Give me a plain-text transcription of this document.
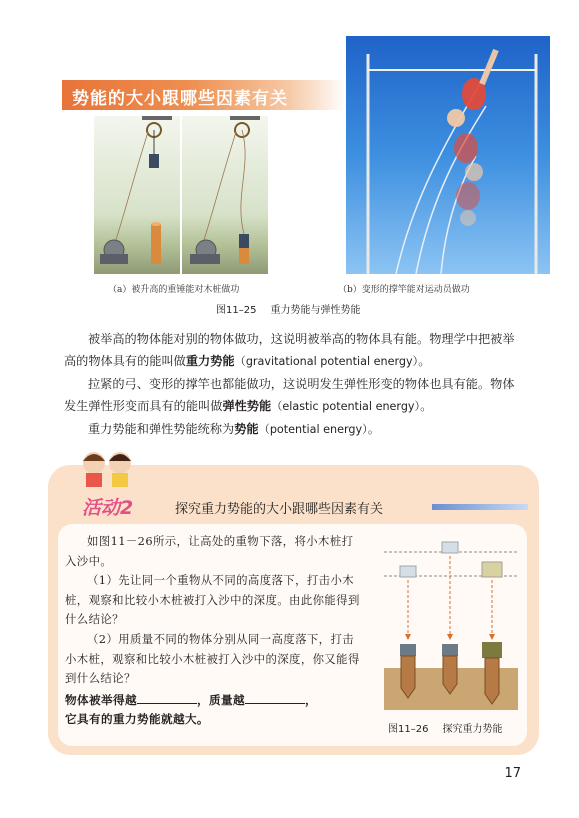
势能的大小跟哪些因素有关
（a）被升高的重锤能对木桩做功	（b）变形的撑竿能对运动员做功
图11–25 重力势能与弹性势能

被举高的物体能对别的物体做功，这说明被举高的物体具有能。物理学中把被举高的物体具有的能叫做重力势能（gravitational potential energy）。

拉紧的弓、变形的撑竿也都能做功，这说明发生弹性形变的物体也具有能。物体发生弹性形变而具有的能叫做弹性势能（elastic potential energy）。

重力势能和弹性势能统称为势能（potential energy）。

活动2	探究重力势能的大小跟哪些因素有关

如图11－26所示，让高处的重物下落，将小木桩打入沙中。

（1）先让同一个重物从不同的高度落下，打击小木桩，观察和比较小木桩被打入沙中的深度。由此你能得到什么结论？

（2）用质量不同的物体分别从同一高度落下，打击小木桩，观察和比较小木桩被打入沙中的深度，你又能得到什么结论？

物体被举得越	，质量越	，
它具有的重力势能就越大。
图11–26 探究重力势能
17
